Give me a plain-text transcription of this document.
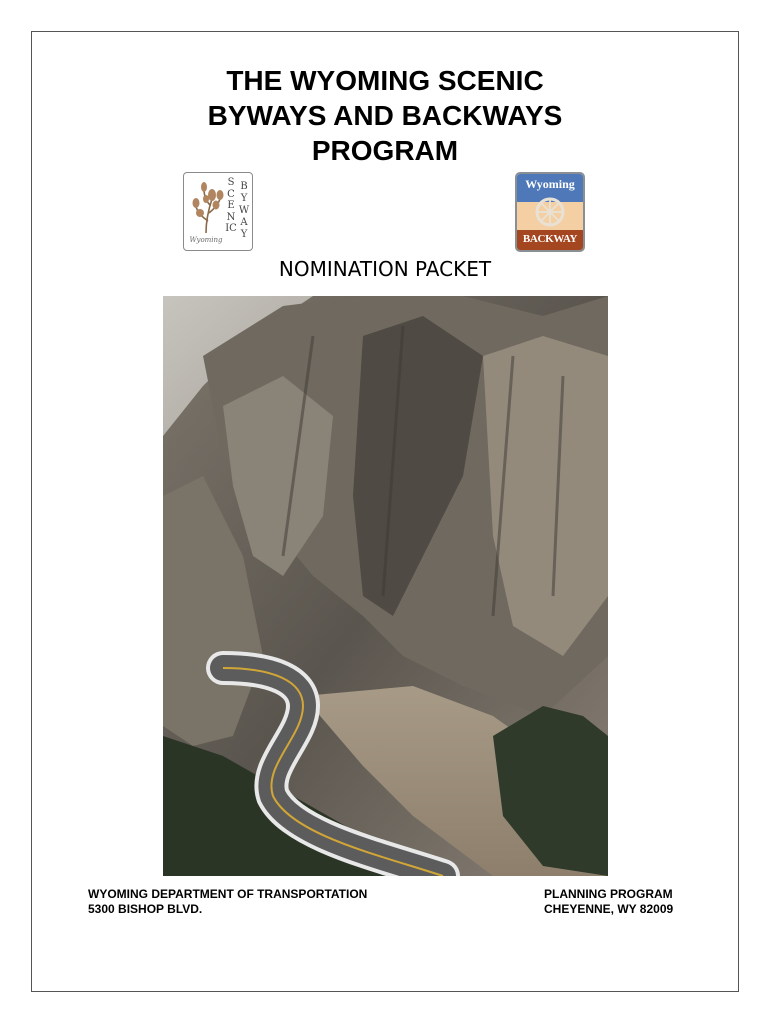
THE WYOMING SCENIC
BYWAYS AND BACKWAYS
PROGRAM
SCENIC
BYWAY
Wyoming
Wyoming
BACKWAY
NOMINATION PACKET
WYOMING DEPARTMENT OF TRANSPORTATION
5300 BISHOP BLVD.
PLANNING PROGRAM
CHEYENNE, WY 82009
